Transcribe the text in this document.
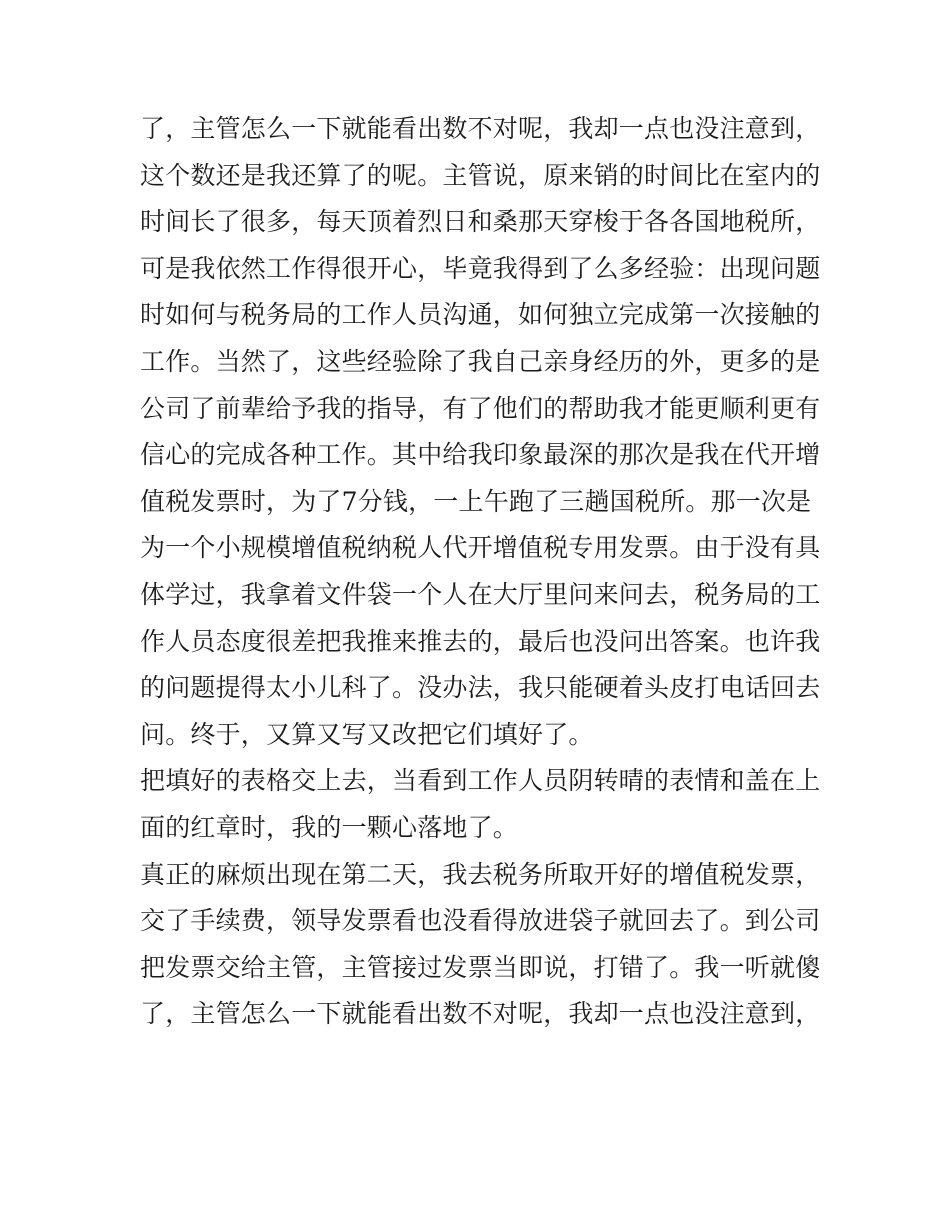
了，主管怎么一下就能看出数不对呢，我却一点也没注意到，
这个数还是我还算了的呢。主管说，原来销的时间比在室内的
时间长了很多，每天顶着烈日和桑那天穿梭于各各国地税所，
可是我依然工作得很开心，毕竟我得到了么多经验：出现问题
时如何与税务局的工作人员沟通，如何独立完成第一次接触的
工作。当然了，这些经验除了我自己亲身经历的外，更多的是
公司了前辈给予我的指导，有了他们的帮助我才能更顺利更有
信心的完成各种工作。其中给我印象最深的那次是我在代开增
值税发票时，为了7分钱，一上午跑了三趟国税所。那一次是
为一个小规模增值税纳税人代开增值税专用发票。由于没有具
体学过，我拿着文件袋一个人在大厅里问来问去，税务局的工
作人员态度很差把我推来推去的，最后也没问出答案。也许我
的问题提得太小儿科了。没办法，我只能硬着头皮打电话回去
问。终于，又算又写又改把它们填好了。
把填好的表格交上去，当看到工作人员阴转晴的表情和盖在上
面的红章时，我的一颗心落地了。
真正的麻烦出现在第二天，我去税务所取开好的增值税发票，
交了手续费，领导发票看也没看得放进袋子就回去了。到公司
把发票交给主管，主管接过发票当即说，打错了。我一听就傻
了，主管怎么一下就能看出数不对呢，我却一点也没注意到，
